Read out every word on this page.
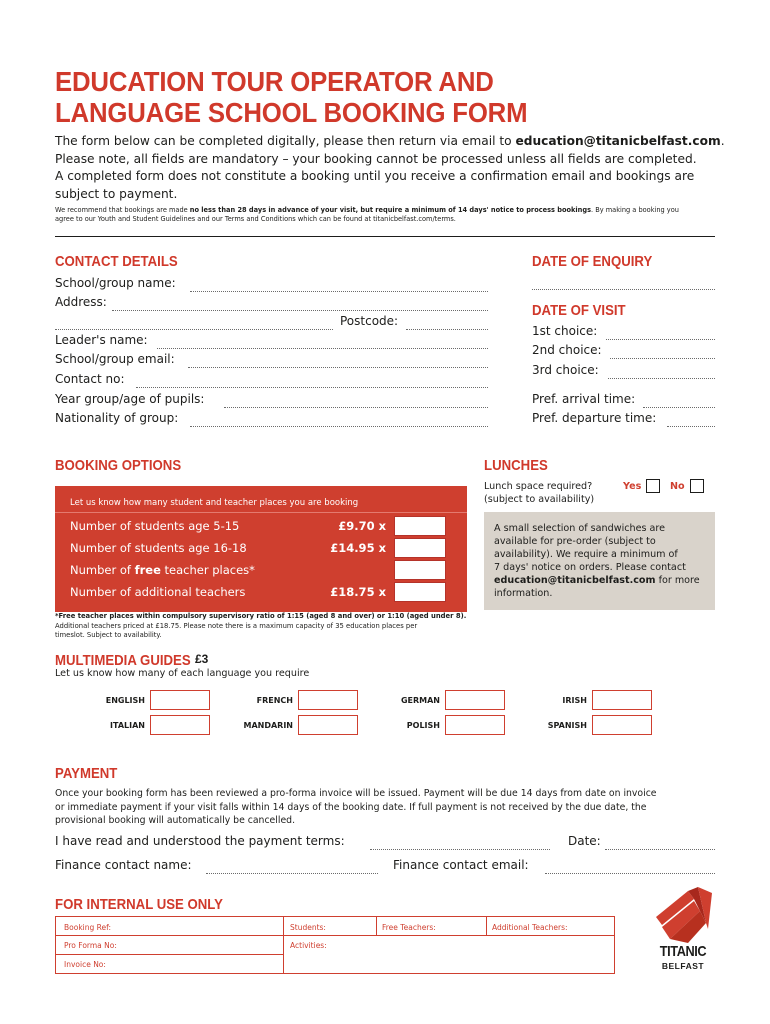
EDUCATION TOUR OPERATOR AND
LANGUAGE SCHOOL BOOKING FORM
The form below can be completed digitally, please then return via email to education@titanicbelfast.com.
Please note, all fields are mandatory – your booking cannot be processed unless all fields are completed.
A completed form does not constitute a booking until you receive a confirmation email and bookings are
subject to payment.
We recommend that bookings are made no less than 28 days in advance of your visit, but require a minimum of 14 days' notice to process bookings. By making a booking you
agree to our Youth and Student Guidelines and our Terms and Conditions which can be found at titanicbelfast.com/terms.
CONTACT DETAILS
School/group name:
Address:
Postcode:
Leader's name:
School/group email:
Contact no:
Year group/age of pupils:
Nationality of group:
DATE OF ENQUIRY
DATE OF VISIT
1st choice:
2nd choice:
3rd choice:
Pref. arrival time:
Pref. departure time:
BOOKING OPTIONS
Let us know how many student and teacher places you are booking
Number of students age 5-15	£9.70 x
Number of students age 16-18	£14.95 x
Number of free teacher places*
Number of additional teachers	£18.75 x
*Free teacher places within compulsory supervisory ratio of 1:15 (aged 8 and over) or 1:10 (aged under 8).
Additional teachers priced at £18.75. Please note there is a maximum capacity of 35 education places per
timeslot. Subject to availability.
LUNCHES
Lunch space required?
(subject to availability)
Yes	No
A small selection of sandwiches are
available for pre-order (subject to
availability). We require a minimum of
7 days' notice on orders. Please contact
education@titanicbelfast.com for more
information.
MULTIMEDIA GUIDES £3
Let us know how many of each language you require
ENGLISH	FRENCH	GERMAN	IRISH
ITALIAN	MANDARIN	POLISH	SPANISH
PAYMENT
Once your booking form has been reviewed a pro-forma invoice will be issued. Payment will be due 14 days from date on invoice
or immediate payment if your visit falls within 14 days of the booking date. If full payment is not received by the due date, the
provisional booking will automatically be cancelled.
I have read and understood the payment terms:	Date:
Finance contact name:	Finance contact email:
FOR INTERNAL USE ONLY
Booking Ref:
Pro Forma No:
Invoice No:
Students:	Free Teachers:	Additional Teachers:
Activities:	TITANIC
BELFAST
